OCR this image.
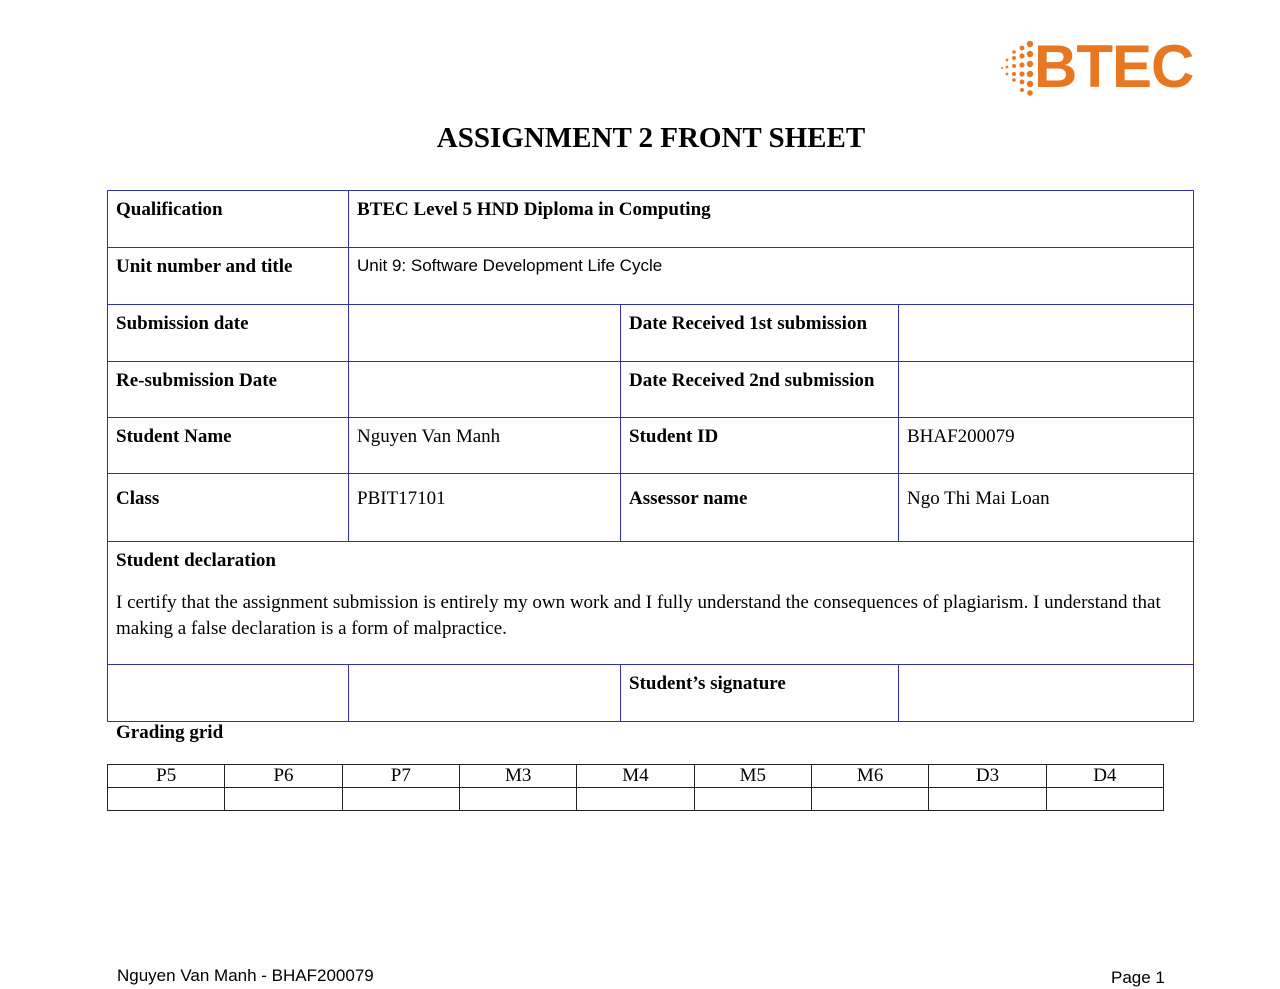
BTEC
ASSIGNMENT 2 FRONT SHEET
Qualification	BTEC Level 5 HND Diploma in Computing		
Unit number and title	Unit 9: Software Development Life Cycle		
Submission date		Date Received 1st submission	
Re-submission Date		Date Received 2nd submission	
Student Name	Nguyen Van Manh	Student ID	BHAF200079
Class	PBIT17101	Assessor name	Ngo Thi Mai Loan

Student declaration
I certify that the assignment submission is entirely my own work and I fully understand the consequences of plagiarism. I understand that making a false declaration is a form of malpractice.			

		Student’s signature	
Grading grid
P5	P6	P7	M3	M4	M5	M6	D3	D4

Nguyen Van Manh - BHAF200079	Page 1
